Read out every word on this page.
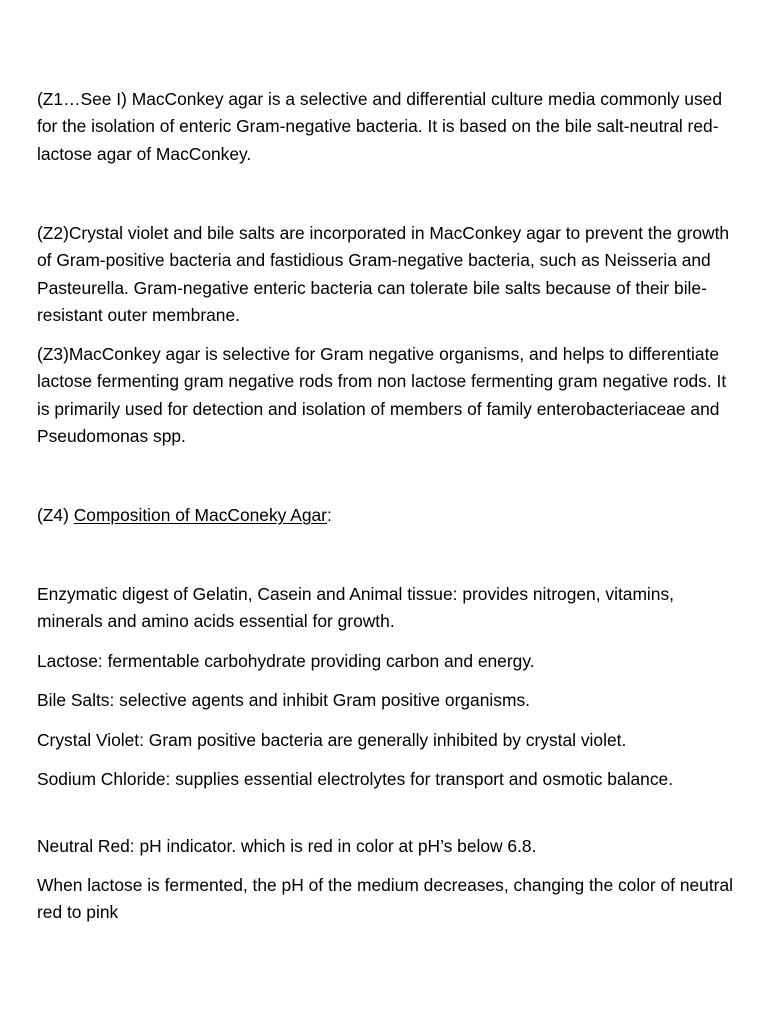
(Z1…See I) MacConkey agar is a selective and differential culture media commonly used for the isolation of enteric Gram-negative bacteria. It is based on the bile salt-neutral red-lactose agar of MacConkey.

(Z2)Crystal violet and bile salts are incorporated in MacConkey agar to prevent the growth of Gram-positive bacteria and fastidious Gram-negative bacteria, such as Neisseria and Pasteurella. Gram-negative enteric bacteria can tolerate bile salts because of their bile-resistant outer membrane.

(Z3)MacConkey agar is selective for Gram negative organisms, and helps to differentiate lactose fermenting gram negative rods from non lactose fermenting gram negative rods. It is primarily used for detection and isolation of members of family enterobacteriaceae and Pseudomonas spp.

(Z4) Composition of MacConeky Agar:

Enzymatic digest of Gelatin, Casein and Animal tissue: provides nitrogen, vitamins, minerals and amino acids essential for growth.

Lactose: fermentable carbohydrate providing carbon and energy.

Bile Salts: selective agents and inhibit Gram positive organisms.

Crystal Violet: Gram positive bacteria are generally inhibited by crystal violet.

Sodium Chloride: supplies essential electrolytes for transport and osmotic balance.

Neutral Red: pH indicator. which is red in color at pH’s below 6.8.

When lactose is fermented, the pH of the medium decreases, changing the color of neutral red to pink
